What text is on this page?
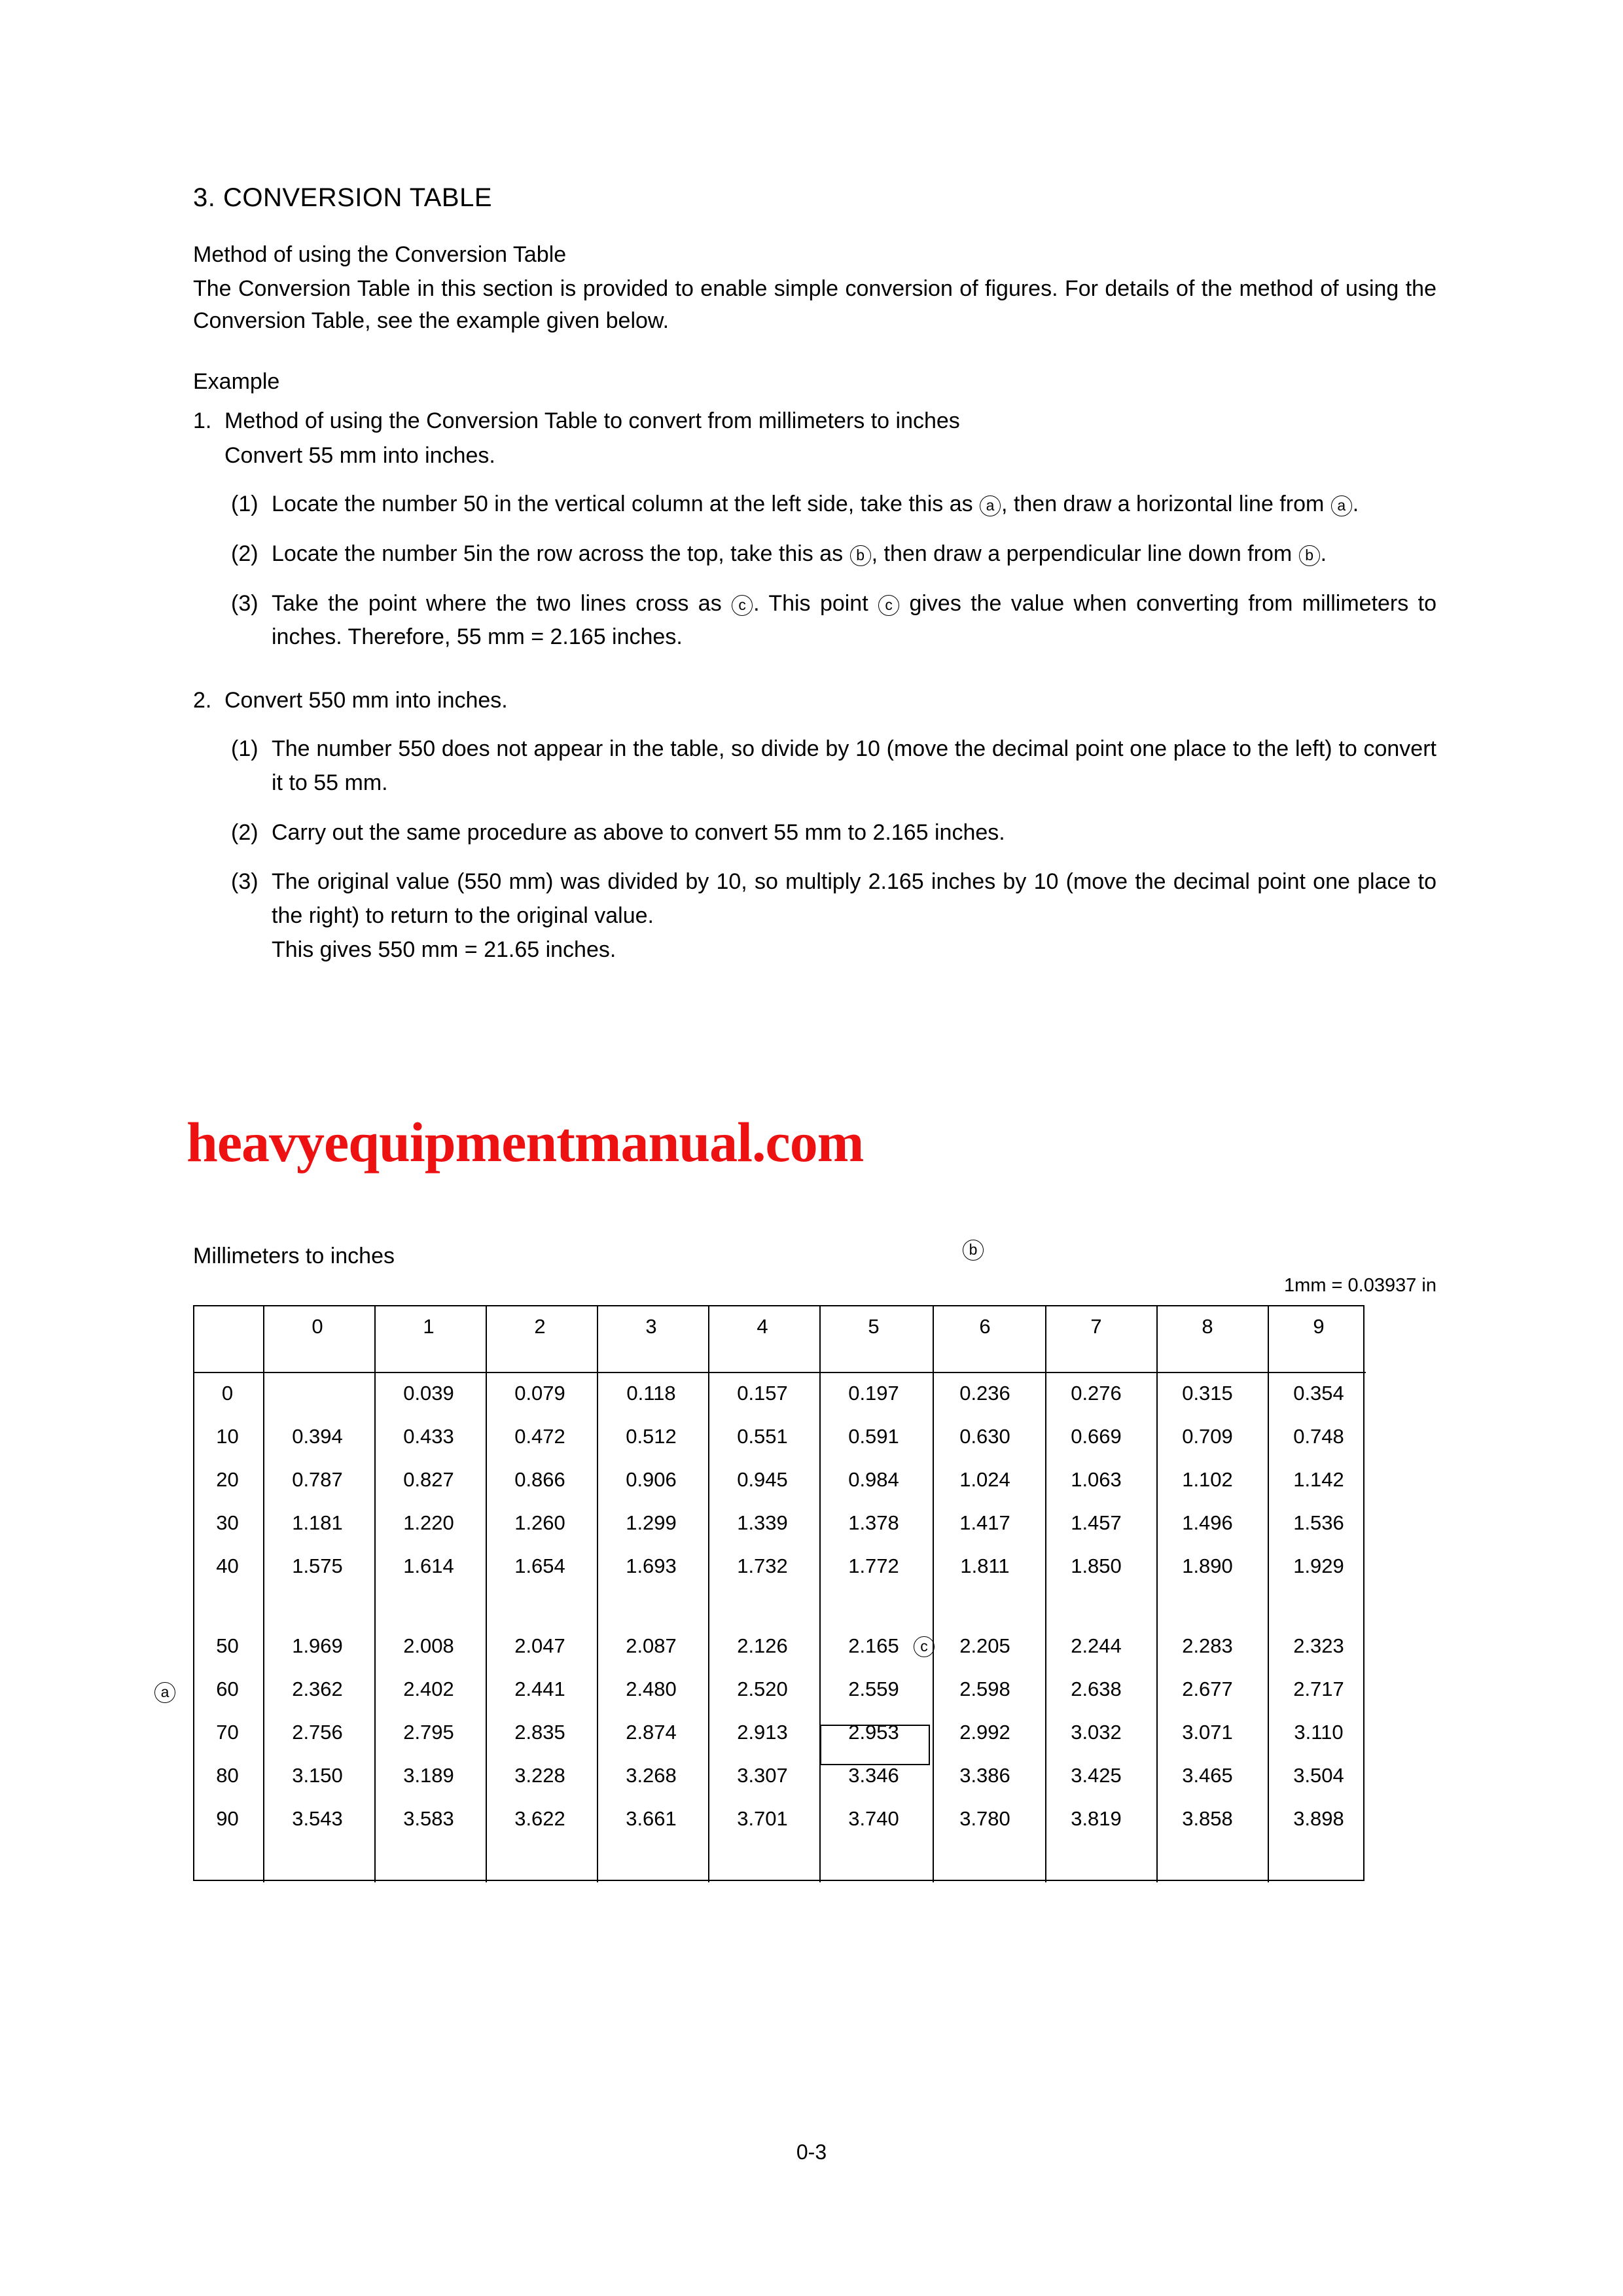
3. CONVERSION TABLE

Method of using the Conversion Table

The Conversion Table in this section is provided to enable simple conversion of figures. For details of the method of using the Conversion Table, see the example given below.

Example

1. Method of using the Conversion Table to convert from millimeters to inches
Convert 55 mm into inches.
(1) Locate the number 50 in the vertical column at the left side, take this as a , then draw a horizontal line from a .
(2) Locate the number 5in the row across the top, take this as b , then draw a perpendicular line down from b .
(3) Take the point where the two lines cross as c . This point c gives the value when converting from millimeters to inches. Therefore, 55 mm = 2.165 inches.
2. Convert 550 mm into inches.
(1) The number 550 does not appear in the table, so divide by 10 (move the decimal point one place to the left) to convert it to 55 mm.
(2) Carry out the same procedure as above to convert 55 mm to 2.165 inches.
(3) The original value (550 mm) was divided by 10, so multiply 2.165 inches by 10 (move the decimal point one place to the right) to return to the original value.
This gives 550 mm = 21.65 inches.
Millimeters to inches
1mm = 0.03937 in
b
a
c
	0	1	2	3	4	5	6	7	8	9

0		0.039	0.079	0.118	0.157	0.197	0.236	0.276	0.315	0.354
10	0.394	0.433	0.472	0.512	0.551	0.591	0.630	0.669	0.709	0.748
20	0.787	0.827	0.866	0.906	0.945	0.984	1.024	1.063	1.102	1.142
30	1.181	1.220	1.260	1.299	1.339	1.378	1.417	1.457	1.496	1.536
40	1.575	1.614	1.654	1.693	1.732	1.772	1.811	1.850	1.890	1.929

50	1.969	2.008	2.047	2.087	2.126	2.165	2.205	2.244	2.283	2.323
60	2.362	2.402	2.441	2.480	2.520	2.559	2.598	2.638	2.677	2.717
70	2.756	2.795	2.835	2.874	2.913	2.953	2.992	3.032	3.071	3.110
80	3.150	3.189	3.228	3.268	3.307	3.346	3.386	3.425	3.465	3.504
90	3.543	3.583	3.622	3.661	3.701	3.740	3.780	3.819	3.858	3.898
heavyequipmentmanual.com
0-3
